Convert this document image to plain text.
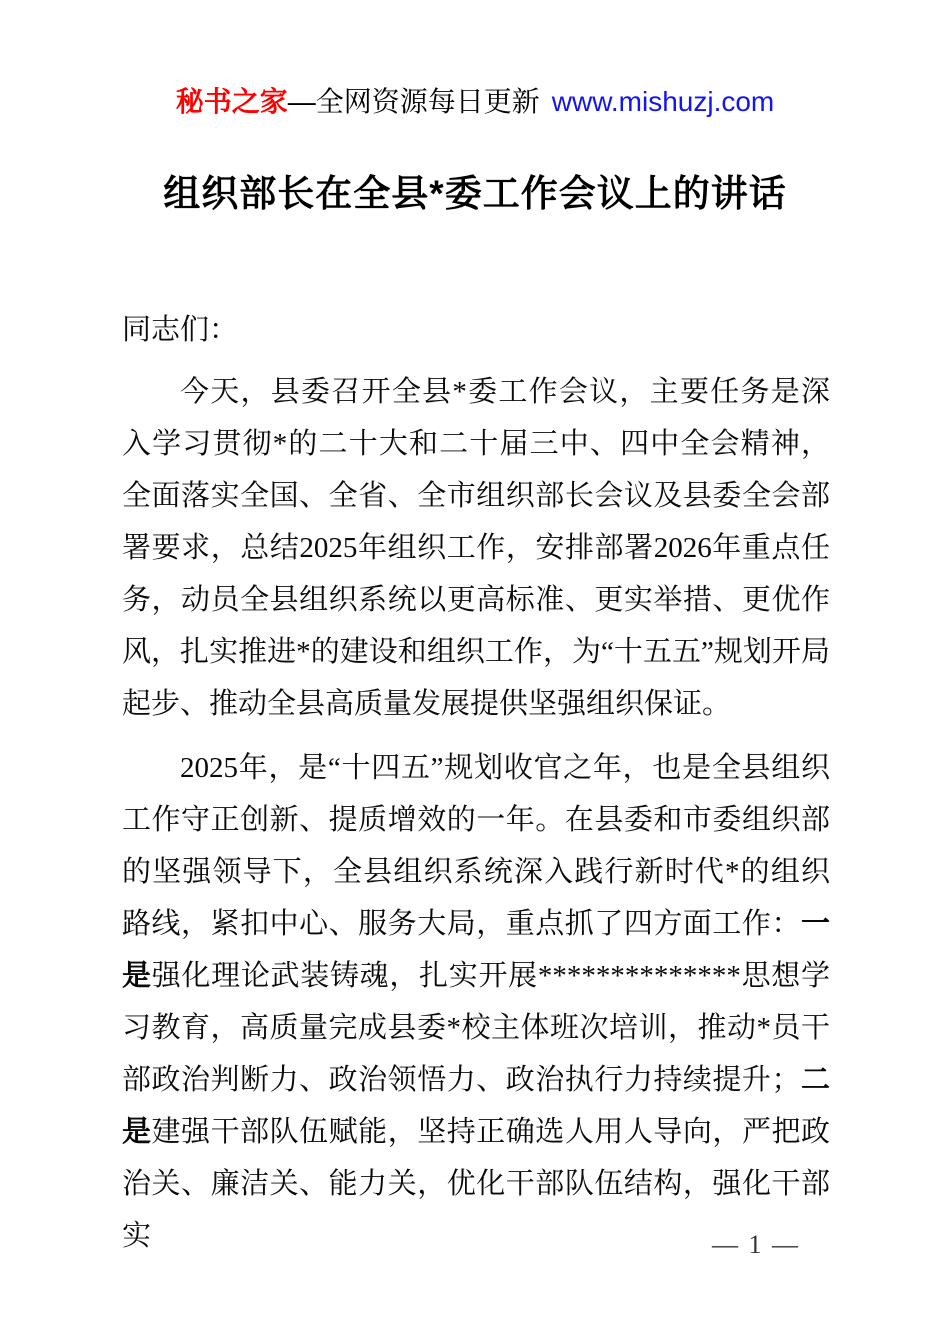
秘书之家—全网资源每日更新 www.mishuzj.com
组织部长在全县*委工作会议上的讲话

同志们：

今天，县委召开全县*委工作会议，主要任务是深入学习贯彻*的二十大和二十届三中、四中全会精神，全面落实全国、全省、全市组织部长会议及县委全会部署要求，总结2025年组织工作，安排部署2026年重点任务，动员全县组织系统以更高标准、更实举措、更优作风，扎实推进*的建设和组织工作，为“十五五”规划开局起步、推动全县高质量发展提供坚强组织保证。

2025年，是“十四五”规划收官之年，也是全县组织工作守正创新、提质增效的一年。在县委和市委组织部的坚强领导下，全县组织系统深入践行新时代*的组织路线，紧扣中心、服务大局，重点抓了四方面工作：一是强化理论武装铸魂，扎实开展**************思想学习教育，高质量完成县委*校主体班次培训，推动*员干部政治判断力、政治领悟力、政治执行力持续提升；二是建强干部队伍赋能，坚持正确选人用人导向，严把政治关、廉洁关、能力关，优化干部队伍结构，强化干部实	— 1 —
